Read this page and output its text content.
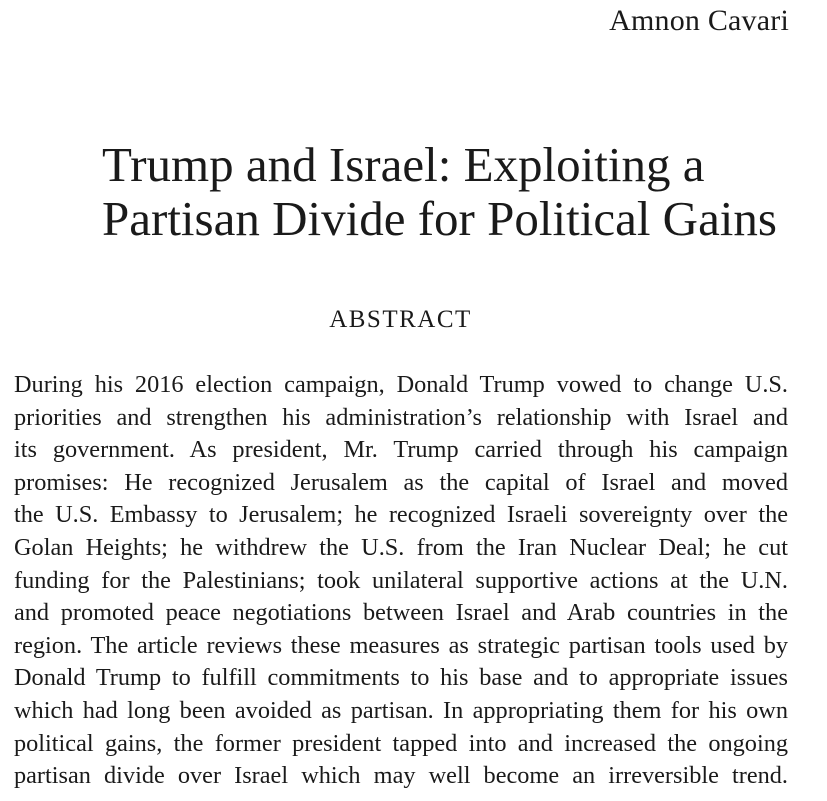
Amnon Cavari
Trump and Israel: Exploiting a
Partisan Divide for Political Gains
ABSTRACT
During his 2016 election campaign, Donald Trump vowed to change U.S.
priorities and strengthen his administration’s relationship with Israel and
its government. As president, Mr. Trump carried through his campaign
promises: He recognized Jerusalem as the capital of Israel and moved
the U.S. Embassy to Jerusalem; he recognized Israeli sovereignty over the
Golan Heights; he withdrew the U.S. from the Iran Nuclear Deal; he cut
funding for the Palestinians; took unilateral supportive actions at the U.N.
and promoted peace negotiations between Israel and Arab countries in the
region. The article reviews these measures as strategic partisan tools used by
Donald Trump to fulfill commitments to his base and to appropriate issues
which had long been avoided as partisan. In appropriating them for his own
political gains, the former president tapped into and increased the ongoing
partisan divide over Israel which may well become an irreversible trend.
